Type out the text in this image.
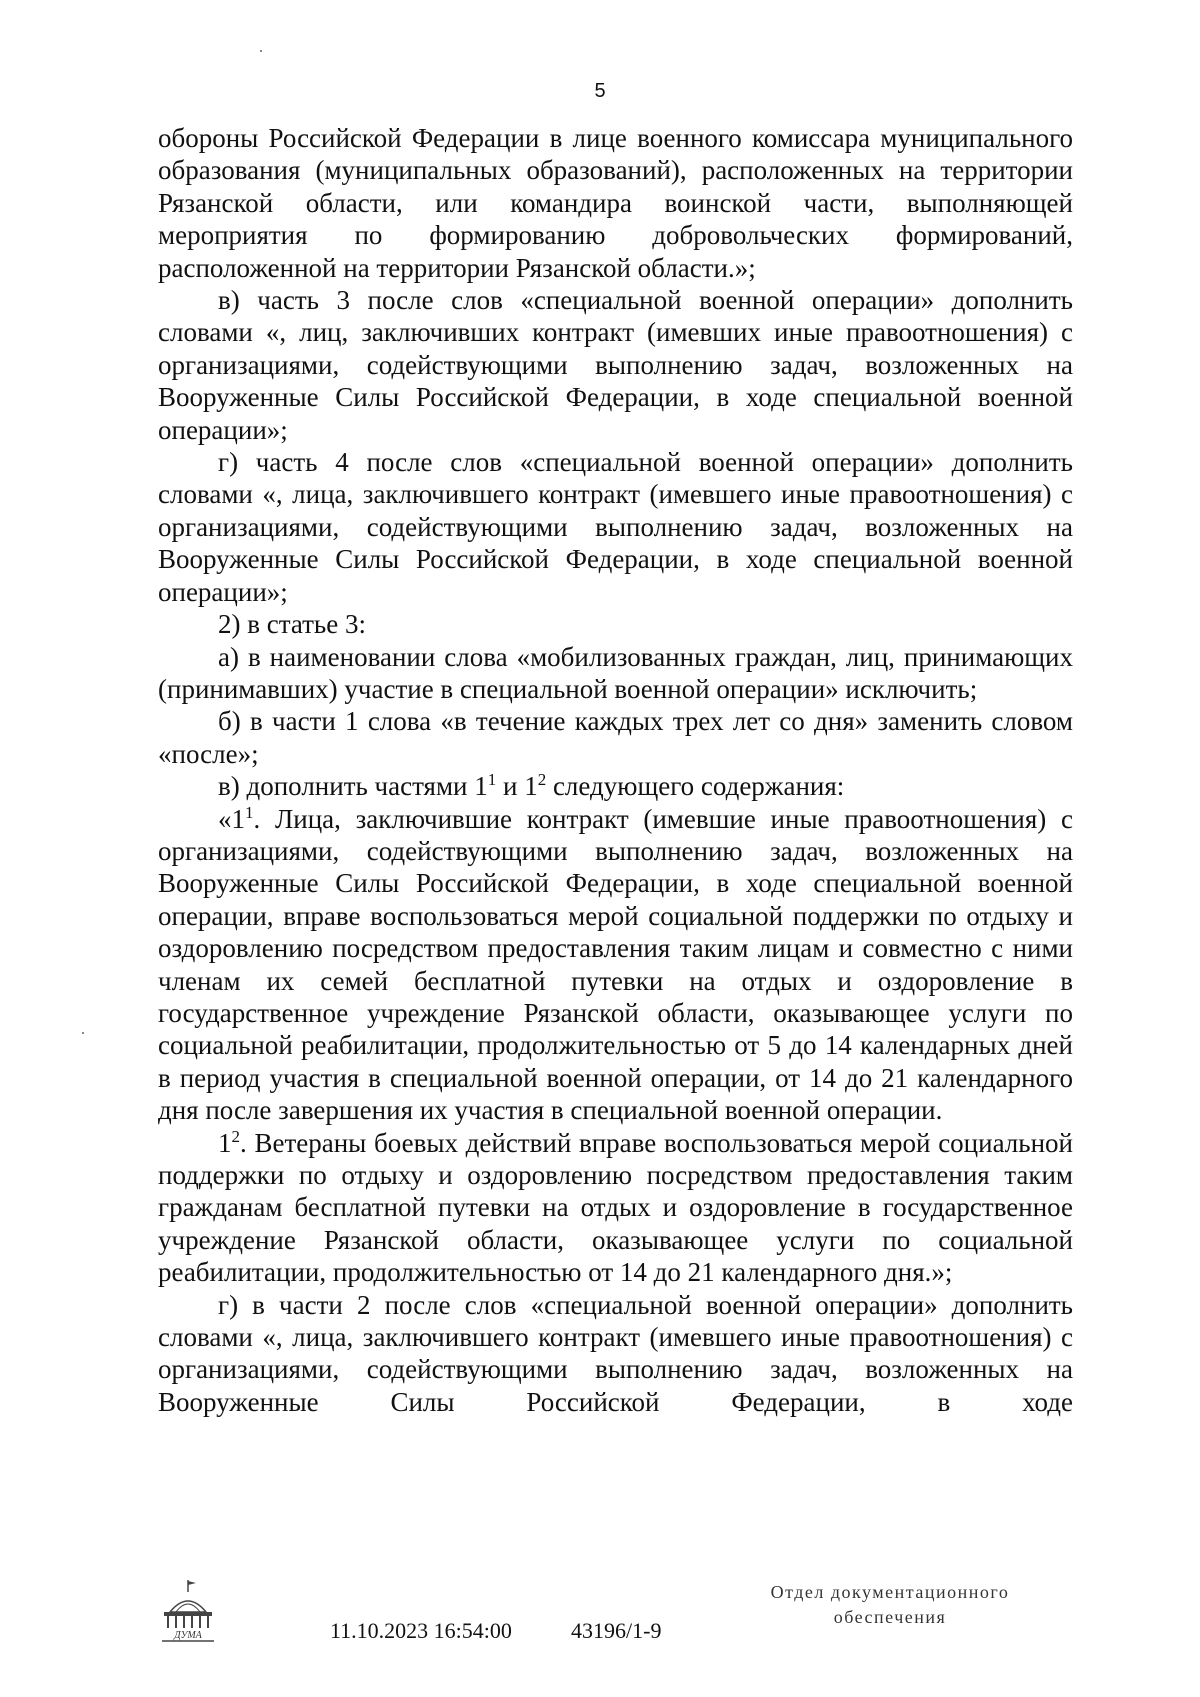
5

обороны Российской Федерации в лице военного комиссара муниципального образования (муниципальных образований), расположенных на территории Рязанской области, или командира воинской части, выполняющей мероприятия по формированию добровольческих формирований, расположенной на территории Рязанской области.»;

в) часть 3 после слов «специальной военной операции» дополнить словами «, лиц, заключивших контракт (имевших иные правоотношения) с организациями, содействующими выполнению задач, возложенных на Вооруженные Силы Российской Федерации, в ходе специальной военной операции»;

г) часть 4 после слов «специальной военной операции» дополнить словами «, лица, заключившего контракт (имевшего иные правоотношения) с организациями, содействующими выполнению задач, возложенных на Вооруженные Силы Российской Федерации, в ходе специальной военной операции»;

2) в статье 3:

а) в наименовании слова «мобилизованных граждан, лиц, принимающих (принимавших) участие в специальной военной операции» исключить;

б) в части 1 слова «в течение каждых трех лет со дня» заменить словом «после»;

в) дополнить частями $1^1$ и $1^2$ следующего содержания:

«$1^1$. Лица, заключившие контракт (имевшие иные правоотношения) с организациями, содействующими выполнению задач, возложенных на Вооруженные Силы Российской Федерации, в ходе специальной военной операции, вправе воспользоваться мерой социальной поддержки по отдыху и оздоровлению посредством предоставления таким лицам и совместно с ними членам их семей бесплатной путевки на отдых и оздоровление в государственное учреждение Рязанской области, оказывающее услуги по социальной реабилитации, продолжительностью от 5 до 14 календарных дней в период участия в специальной военной операции, от 14 до 21 календарного дня после завершения их участия в специальной военной операции.

$1^2$. Ветераны боевых действий вправе воспользоваться мерой социальной поддержки по отдыху и оздоровлению посредством предоставления таким гражданам бесплатной путевки на отдых и оздоровление в государственное учреждение Рязанской области, оказывающее услуги по социальной реабилитации, продолжительностью от 14 до 21 календарного дня.»;

г) в части 2 после слов «специальной военной операции» дополнить словами «, лица, заключившего контракт (имевшего иные правоотношения) с организациями, содействующими выполнению задач, возложенных на Вооруженные Силы Российской Федерации, в ходе

ДУМА	11.10.2023 16:54:00	43196/1-9
Отдел документационного
обеспечения
